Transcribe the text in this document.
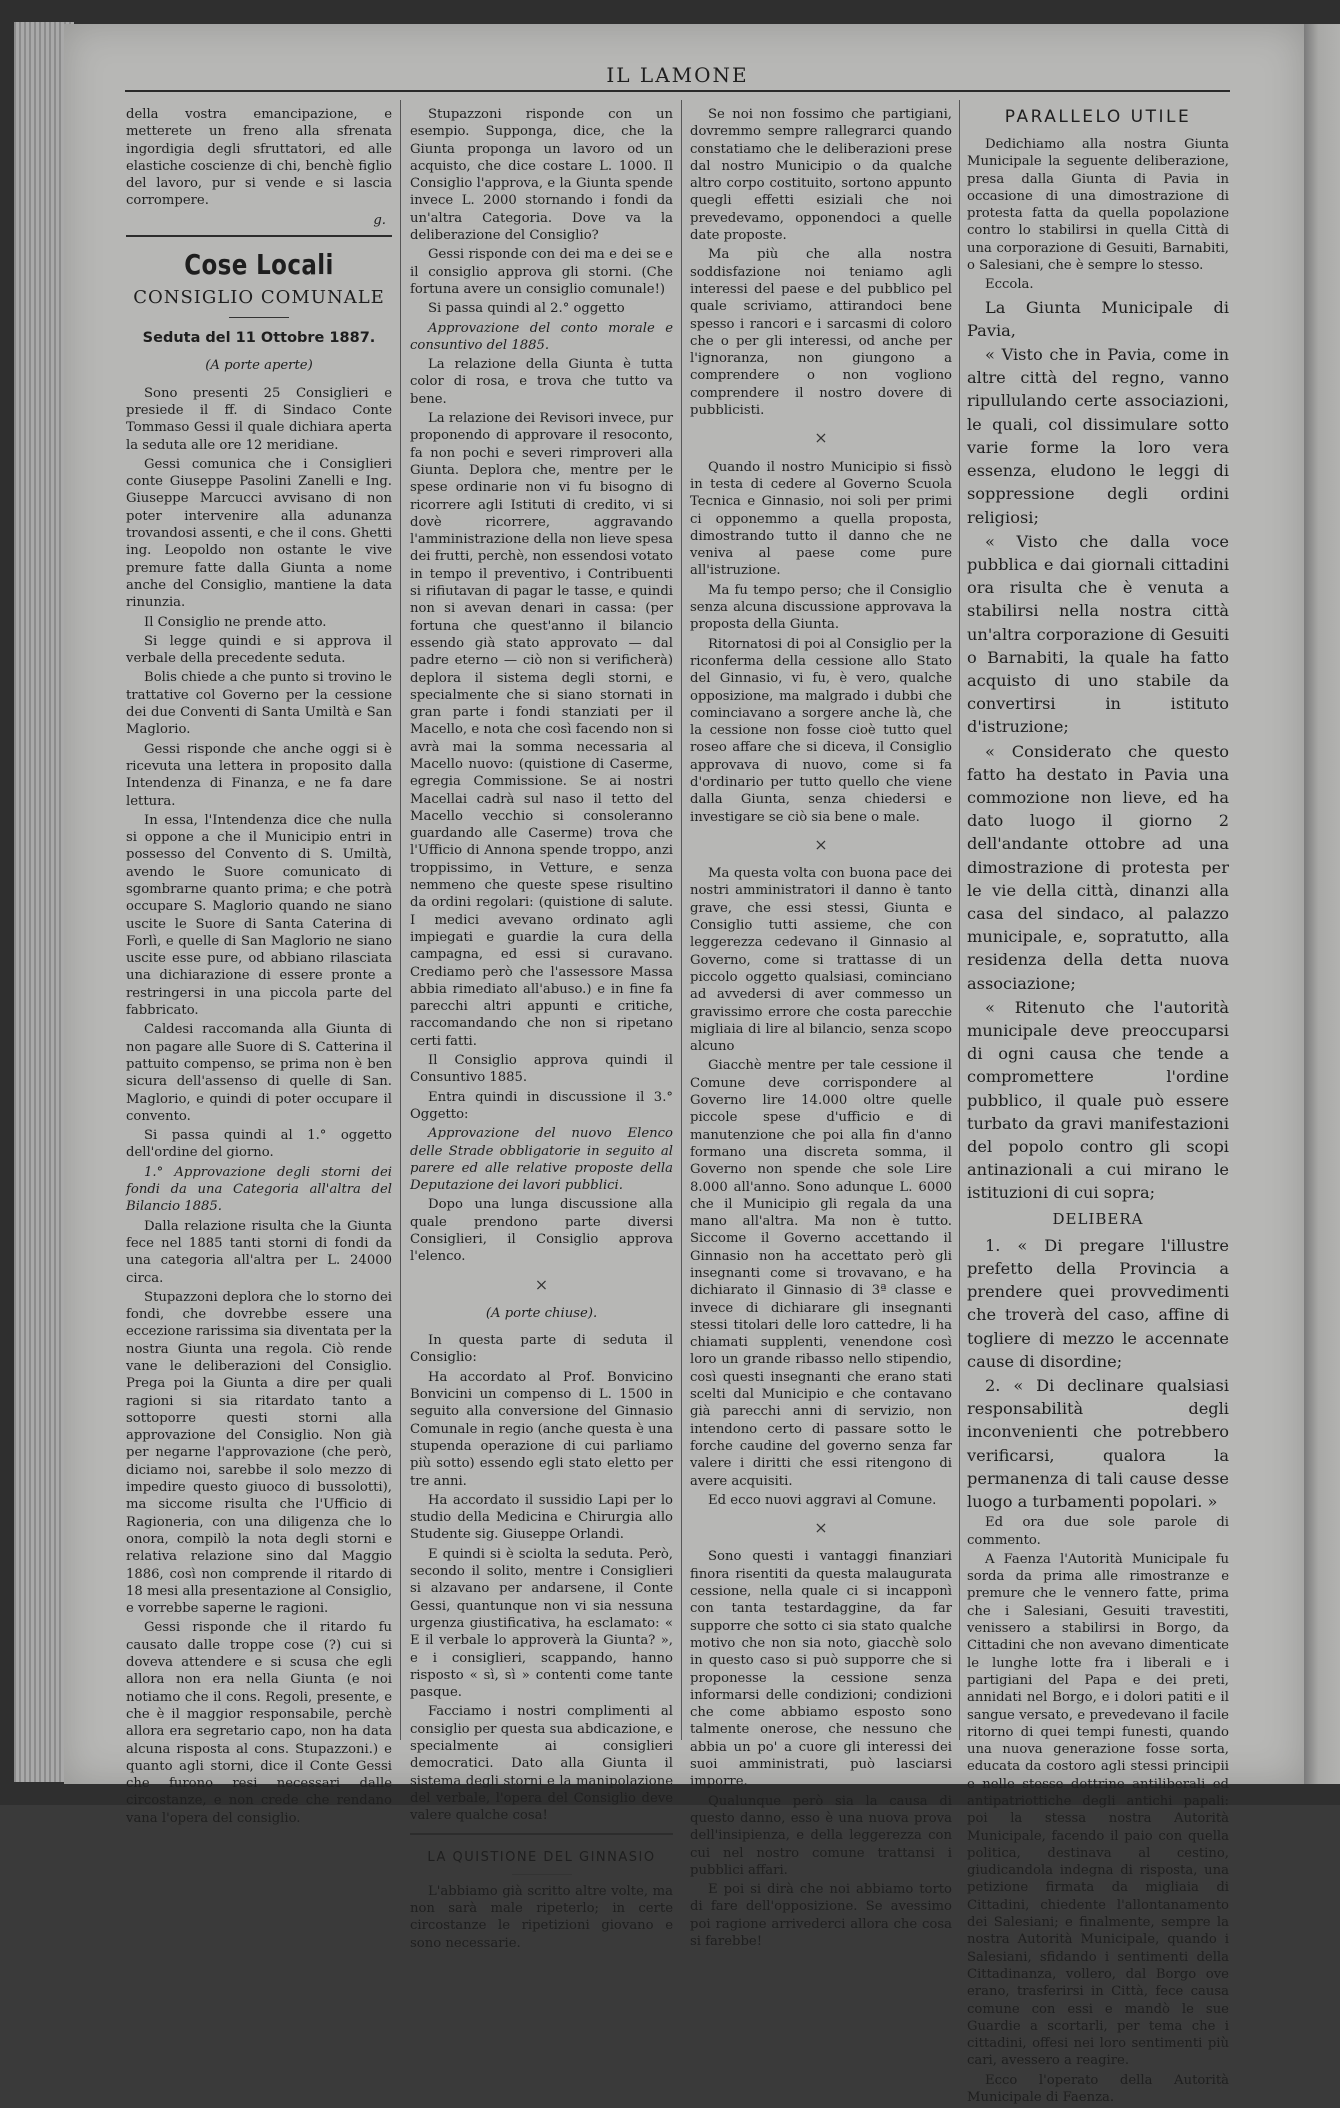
IL LAMONE

della vostra emancipazione, e metterete un freno alla sfrenata ingordigia degli sfruttatori, ed alle elastiche coscienze di chi, benchè figlio del lavoro, pur si vende e si lascia corrompere.

g.
Cose Locali
CONSIGLIO COMUNALE
Seduta del 11 Ottobre 1887.
(A porte aperte)

Sono presenti 25 Consiglieri e presiede il ff. di Sindaco Conte Tommaso Gessi il quale dichiara aperta la seduta alle ore 12 meridiane.

Gessi comunica che i Consiglieri conte Giuseppe Pasolini Zanelli e Ing. Giuseppe Marcucci avvisano di non poter intervenire alla adunanza trovandosi assenti, e che il cons. Ghetti ing. Leopoldo non ostante le vive premure fatte dalla Giunta a nome anche del Consiglio, mantiene la data rinunzia.

Il Consiglio ne prende atto.

Si legge quindi e si approva il verbale della precedente seduta.

Bolis chiede a che punto si trovino le trattative col Governo per la cessione dei due Conventi di Santa Umiltà e San Maglorio.

Gessi risponde che anche oggi si è ricevuta una lettera in proposito dalla Intendenza di Finanza, e ne fa dare lettura.

In essa, l'Intendenza dice che nulla si oppone a che il Municipio entri in possesso del Convento di S. Umiltà, avendo le Suore comunicato di sgombrarne quanto prima; e che potrà occupare S. Maglorio quando ne siano uscite le Suore di Santa Caterina di Forlì, e quelle di San Maglorio ne siano uscite esse pure, od abbiano rilasciata una dichiarazione di essere pronte a restringersi in una piccola parte del fabbricato.

Caldesi raccomanda alla Giunta di non pagare alle Suore di S. Catterina il pattuito compenso, se prima non è ben sicura dell'assenso di quelle di San. Maglorio, e quindi di poter occupare il convento.

Si passa quindi al 1.° oggetto dell'ordine del giorno.

1.° Approvazione degli storni dei fondi da una Categoria all'altra del Bilancio 1885.

Dalla relazione risulta che la Giunta fece nel 1885 tanti storni di fondi da una categoria all'altra per L. 24000 circa.

Stupazzoni deplora che lo storno dei fondi, che dovrebbe essere una eccezione rarissima sia diventata per la nostra Giunta una regola. Ciò rende vane le deliberazioni del Consiglio. Prega poi la Giunta a dire per quali ragioni si sia ritardato tanto a sottoporre questi storni alla approvazione del Consiglio. Non già per negarne l'approvazione (che però, diciamo noi, sarebbe il solo mezzo di impedire questo giuoco di bussolotti), ma siccome risulta che l'Ufficio di Ragioneria, con una diligenza che lo onora, compilò la nota degli storni e relativa relazione sino dal Maggio 1886, così non comprende il ritardo di 18 mesi alla presentazione al Consiglio, e vorrebbe saperne le ragioni.

Gessi risponde che il ritardo fu causato dalle troppe cose (?) cui si doveva attendere e si scusa che egli allora non era nella Giunta (e noi notiamo che il cons. Regoli, presente, e che è il maggior responsabile, perchè allora era segretario capo, non ha data alcuna risposta al cons. Stupazzoni.) e quanto agli storni, dice il Conte Gessi che furono resi necessari dalle circostanze, e non crede che rendano vana l'opera del consiglio.

Stupazzoni risponde con un esempio. Supponga, dice, che la Giunta proponga un lavoro od un acquisto, che dice costare L. 1000. Il Consiglio l'approva, e la Giunta spende invece L. 2000 stornando i fondi da un'altra Categoria. Dove va la deliberazione del Consiglio?

Gessi risponde con dei ma e dei se e il consiglio approva gli storni. (Che fortuna avere un consiglio comunale!)

Si passa quindi al 2.° oggetto

Approvazione del conto morale e consuntivo del 1885.

La relazione della Giunta è tutta color di rosa, e trova che tutto va bene.

La relazione dei Revisori invece, pur proponendo di approvare il resoconto, fa non pochi e severi rimproveri alla Giunta. Deplora che, mentre per le spese ordinarie non vi fu bisogno di ricorrere agli Istituti di credito, vi si dovè ricorrere, aggravando l'amministrazione della non lieve spesa dei frutti, perchè, non essendosi votato in tempo il preventivo, i Contribuenti si rifiutavan di pagar le tasse, e quindi non si avevan denari in cassa: (per fortuna che quest'anno il bilancio essendo già stato approvato — dal padre eterno — ciò non si verificherà) deplora il sistema degli storni, e specialmente che si siano stornati in gran parte i fondi stanziati per il Macello, e nota che così facendo non si avrà mai la somma necessaria al Macello nuovo: (quistione di Caserme, egregia Commissione. Se ai nostri Macellai cadrà sul naso il tetto del Macello vecchio si consoleranno guardando alle Caserme) trova che l'Ufficio di Annona spende troppo, anzi troppissimo, in Vetture, e senza nemmeno che queste spese risultino da ordini regolari: (quistione di salute. I medici avevano ordinato agli impiegati e guardie la cura della campagna, ed essi si curavano. Crediamo però che l'assessore Massa abbia rimediato all'abuso.) e in fine fa parecchi altri appunti e critiche, raccomandando che non si ripetano certi fatti.

Il Consiglio approva quindi il Consuntivo 1885.

Entra quindi in discussione il 3.° Oggetto:

Approvazione del nuovo Elenco delle Strade obbligatorie in seguito al parere ed alle relative proposte della Deputazione dei lavori pubblici.

Dopo una lunga discussione alla quale prendono parte diversi Consiglieri, il Consiglio approva l'elenco.

×
(A porte chiuse).

In questa parte di seduta il Consiglio:

Ha accordato al Prof. Bonvicino Bonvicini un compenso di L. 1500 in seguito alla conversione del Ginnasio Comunale in regio (anche questa è una stupenda operazione di cui parliamo più sotto) essendo egli stato eletto per tre anni.

Ha accordato il sussidio Lapi per lo studio della Medicina e Chirurgia allo Studente sig. Giuseppe Orlandi.

E quindi si è sciolta la seduta. Però, secondo il solito, mentre i Consiglieri si alzavano per andarsene, il Conte Gessi, quantunque non vi sia nessuna urgenza giustificativa, ha esclamato: « E il verbale lo approverà la Giunta? », e i consiglieri, scappando, hanno risposto « sì, sì » contenti come tante pasque.

Facciamo i nostri complimenti al consiglio per questa sua abdicazione, e specialmente ai consiglieri democratici. Dato alla Giunta il sistema degli storni e la manipolazione del verbale, l'opera del Consiglio deve valere qualche cosa!

LA QUISTIONE DEL GINNASIO

L'abbiamo già scritto altre volte, ma non sarà male ripeterlo; in certe circostanze le ripetizioni giovano e sono necessarie.

Se noi non fossimo che partigiani, dovremmo sempre rallegrarci quando constatiamo che le deliberazioni prese dal nostro Municipio o da qualche altro corpo costituito, sortono appunto quegli effetti esiziali che noi prevedevamo, opponendoci a quelle date proposte.

Ma più che alla nostra soddisfazione noi teniamo agli interessi del paese e del pubblico pel quale scriviamo, attirandoci bene spesso i rancori e i sarcasmi di coloro che o per gli interessi, od anche per l'ignoranza, non giungono a comprendere o non vogliono comprendere il nostro dovere di pubblicisti.

×

Quando il nostro Municipio si fissò in testa di cedere al Governo Scuola Tecnica e Ginnasio, noi soli per primi ci opponemmo a quella proposta, dimostrando tutto il danno che ne veniva al paese come pure all'istruzione.

Ma fu tempo perso; che il Consiglio senza alcuna discussione approvava la proposta della Giunta.

Ritornatosi di poi al Consiglio per la riconferma della cessione allo Stato del Ginnasio, vi fu, è vero, qualche opposizione, ma malgrado i dubbi che cominciavano a sorgere anche là, che la cessione non fosse cioè tutto quel roseo affare che si diceva, il Consiglio approvava di nuovo, come si fa d'ordinario per tutto quello che viene dalla Giunta, senza chiedersi e investigare se ciò sia bene o male.

×

Ma questa volta con buona pace dei nostri amministratori il danno è tanto grave, che essi stessi, Giunta e Consiglio tutti assieme, che con leggerezza cedevano il Ginnasio al Governo, come si trattasse di un piccolo oggetto qualsiasi, cominciano ad avvedersi di aver commesso un gravissimo errore che costa parecchie migliaia di lire al bilancio, senza scopo alcuno

Giacchè mentre per tale cessione il Comune deve corrispondere al Governo lire 14.000 oltre quelle piccole spese d'ufficio e di manutenzione che poi alla fin d'anno formano una discreta somma, il Governo non spende che sole Lire 8.000 all'anno. Sono adunque L. 6000 che il Municipio gli regala da una mano all'altra. Ma non è tutto. Siccome il Governo accettando il Ginnasio non ha accettato però gli insegnanti come si trovavano, e ha dichiarato il Ginnasio di 3ª classe e invece di dichiarare gli insegnanti stessi titolari delle loro cattedre, li ha chiamati supplenti, venendone così loro un grande ribasso nello stipendio, così questi insegnanti che erano stati scelti dal Municipio e che contavano già parecchi anni di servizio, non intendono certo di passare sotto le forche caudine del governo senza far valere i diritti che essi ritengono di avere acquisiti.

Ed ecco nuovi aggravi al Comune.

×

Sono questi i vantaggi finanziari finora risentiti da questa malaugurata cessione, nella quale ci si incapponì con tanta testardaggine, da far supporre che sotto ci sia stato qualche motivo che non sia noto, giacchè solo in questo caso si può supporre che si proponesse la cessione senza informarsi delle condizioni; condizioni che come abbiamo esposto sono talmente onerose, che nessuno che abbia un po' a cuore gli interessi dei suoi amministrati, può lasciarsi imporre.

Qualunque però sia la causa di questo danno, esso è una nuova prova dell'insipienza, e della leggerezza con cui nel nostro comune trattansi i pubblici affari.

E poi si dirà che noi abbiamo torto di fare dell'opposizione. Se avessimo poi ragione arrivederci allora che cosa si farebbe!

PARALLELO UTILE

Dedichiamo alla nostra Giunta Municipale la seguente deliberazione, presa dalla Giunta di Pavia in occasione di una dimostrazione di protesta fatta da quella popolazione contro lo stabilirsi in quella Città di una corporazione di Gesuiti, Barnabiti, o Salesiani, che è sempre lo stesso.

Eccola.

La Giunta Municipale di Pavia,

« Visto che in Pavia, come in altre città del regno, vanno ripullulando certe associazioni, le quali, col dissimulare sotto varie forme la loro vera essenza, eludono le leggi di soppressione degli ordini religiosi;

« Visto che dalla voce pubblica e dai giornali cittadini ora risulta che è venuta a stabilirsi nella nostra città un'altra corporazione di Gesuiti o Barnabiti, la quale ha fatto acquisto di uno stabile da convertirsi in istituto d'istruzione;

« Considerato che questo fatto ha destato in Pavia una commozione non lieve, ed ha dato luogo il giorno 2 dell'andante ottobre ad una dimostrazione di protesta per le vie della città, dinanzi alla casa del sindaco, al palazzo municipale, e, sopratutto, alla residenza della detta nuova associazione;

« Ritenuto che l'autorità municipale deve preoccuparsi di ogni causa che tende a compromettere l'ordine pubblico, il quale può essere turbato da gravi manifestazioni del popolo contro gli scopi antinazionali a cui mirano le istituzioni di cui sopra;

DELIBERA

1. « Di pregare l'illustre prefetto della Provincia a prendere quei provvedimenti che troverà del caso, affine di togliere di mezzo le accennate cause di disordine;

2. « Di declinare qualsiasi responsabilità degli inconvenienti che potrebbero verificarsi, qualora la permanenza di tali cause desse luogo a turbamenti popolari. »

Ed ora due sole parole di commento.

A Faenza l'Autorità Municipale fu sorda da prima alle rimostranze e premure che le vennero fatte, prima che i Salesiani, Gesuiti travestiti, venissero a stabilirsi in Borgo, da Cittadini che non avevano dimenticate le lunghe lotte fra i liberali e i partigiani del Papa e dei preti, annidati nel Borgo, e i dolori patiti e il sangue versato, e prevedevano il facile ritorno di quei tempi funesti, quando una nuova generazione fosse sorta, educata da costoro agli stessi principii e nelle stesse dottrine antiliberali ed antipatriottiche degli antichi papali: poi la stessa nostra Autorità Municipale, facendo il paio con quella politica, destinava al cestino, giudicandola indegna di risposta, una petizione firmata da migliaia di Cittadini, chiedente l'allontanamento dei Salesiani; e finalmente, sempre la nostra Autorità Municipale, quando i Salesiani, sfidando i sentimenti della Cittadinanza, vollero, dal Borgo ove erano, trasferirsi in Città, fece causa comune con essi e mandò le sue Guardie a scortarli, per tema che i cittadini, offesi nei loro sentimenti più cari, avessero a reagire.

Ecco l'operato della Autorità Municipale di Faenza.
